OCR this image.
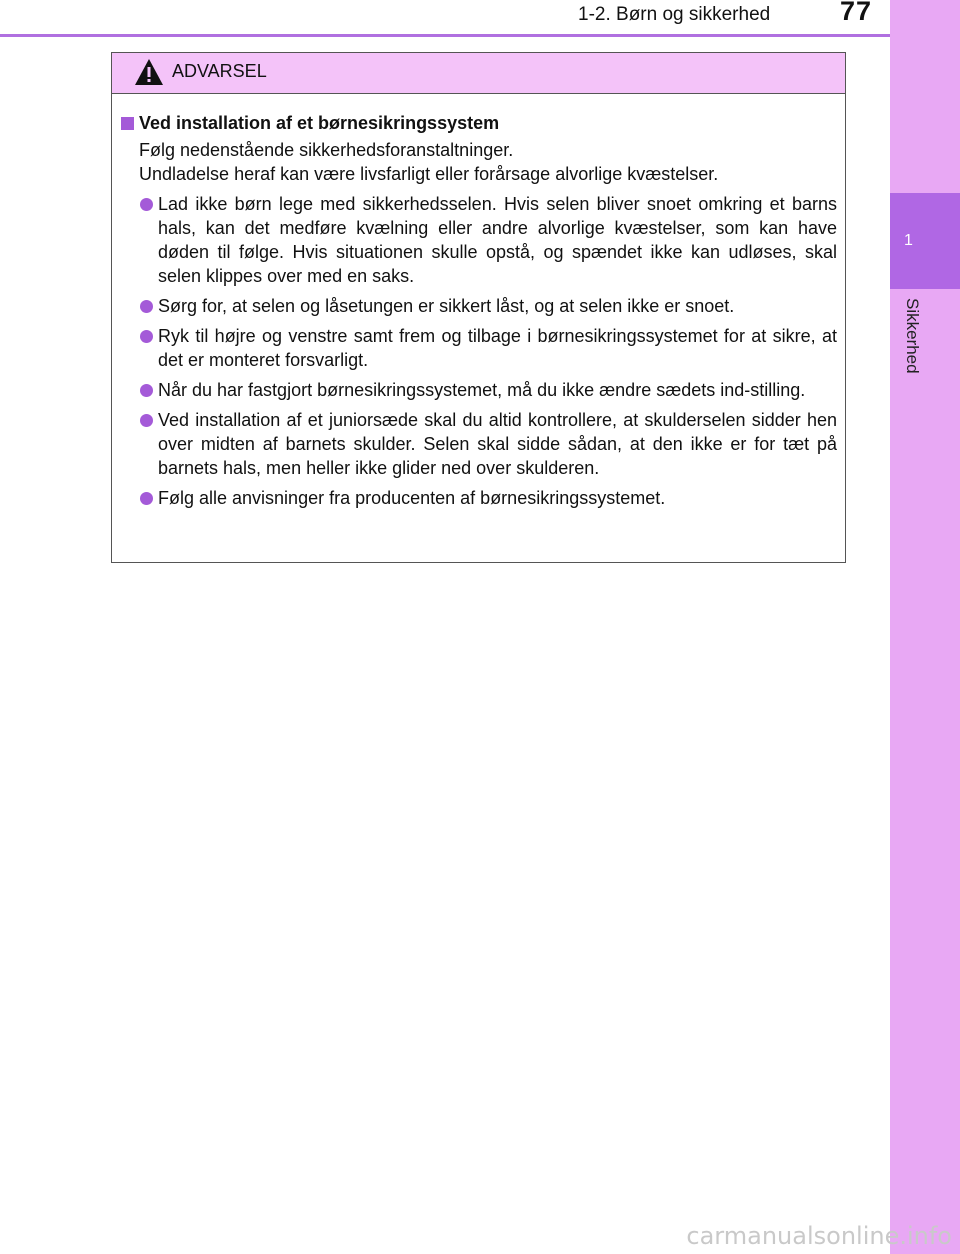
1-2. Børn og sikkerhed	77
1
Sikkerhed
ADVARSEL
Ved installation af et børnesikringssystem
Følg nedenstående sikkerhedsforanstaltninger.
Undladelse heraf kan være livsfarligt eller forårsage alvorlige kvæstelser.
Lad ikke børn lege med sikkerhedsselen. Hvis selen bliver snoet omkring et barns hals, kan det medføre kvælning eller andre alvorlige kvæstelser, som kan have døden til følge. Hvis situationen skulle opstå, og spændet ikke kan udløses, skal selen klippes over med en saks.
Sørg for, at selen og låsetungen er sikkert låst, og at selen ikke er snoet.
Ryk til højre og venstre samt frem og tilbage i børnesikringssystemet for at sikre, at det er monteret forsvarligt.
Når du har fastgjort børnesikringssystemet, må du ikke ændre sædets ind-stilling.
Ved installation af et juniorsæde skal du altid kontrollere, at skulderselen sidder hen over midten af barnets skulder. Selen skal sidde sådan, at den ikke er for tæt på barnets hals, men heller ikke glider ned over skulderen.
Følg alle anvisninger fra producenten af børnesikringssystemet.
carmanualsonline.info
